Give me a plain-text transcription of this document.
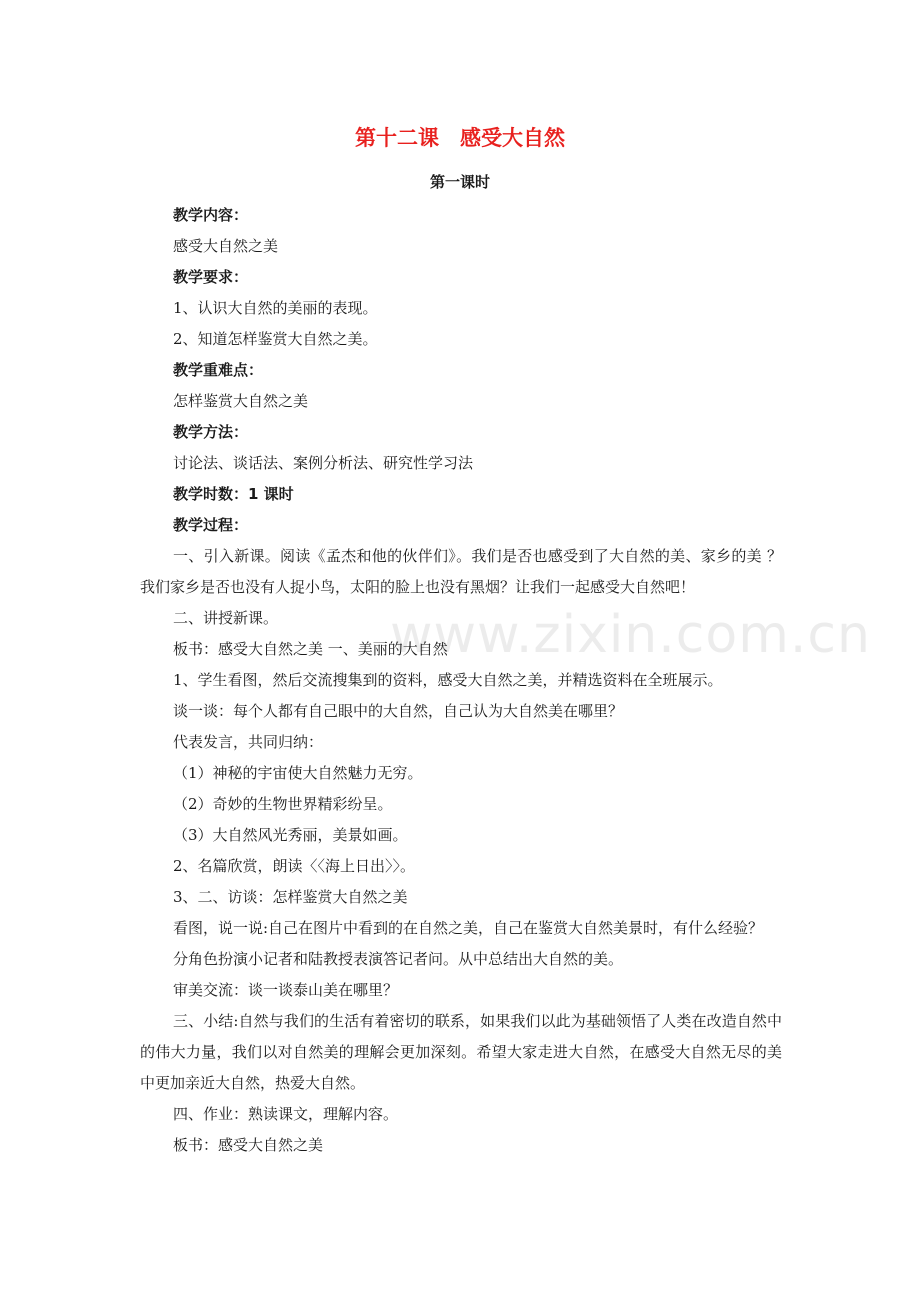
www.zixin.com.cn
第十二课　感受大自然
第一课时
教学内容：
感受大自然之美
教学要求：
1、认识大自然的美丽的表现。
2、知道怎样鉴赏大自然之美。
教学重难点：
怎样鉴赏大自然之美
教学方法：
讨论法、谈话法、案例分析法、研究性学习法
教学时数：1 课时
教学过程：
一、引入新课。阅读《孟杰和他的伙伴们》。我们是否也感受到了大自然的美、家乡的美 ？我们家乡是否也没有人捉小鸟，太阳的脸上也没有黑烟？让我们一起感受大自然吧！
二、讲授新课。
板书：感受大自然之美 一、美丽的大自然
1、学生看图，然后交流搜集到的资料，感受大自然之美，并精选资料在全班展示。
谈一谈：每个人都有自己眼中的大自然，自己认为大自然美在哪里？
代表发言，共同归纳：
（1）神秘的宇宙使大自然魅力无穷。
（2）奇妙的生物世界精彩纷呈。
（3）大自然风光秀丽，美景如画。
2、名篇欣赏，朗读〈〈海上日出〉〉。
3、二、访谈：怎样鉴赏大自然之美
看图，说一说:自己在图片中看到的在自然之美，自己在鉴赏大自然美景时，有什么经验？
分角色扮演小记者和陆教授表演答记者问。从中总结出大自然的美。
审美交流：谈一谈泰山美在哪里？
三、小结:自然与我们的生活有着密切的联系，如果我们以此为基础领悟了人类在改造自然中的伟大力量，我们以对自然美的理解会更加深刻。希望大家走进大自然，在感受大自然无尽的美中更加亲近大自然，热爱大自然。
四、作业：熟读课文，理解内容。
板书：感受大自然之美
